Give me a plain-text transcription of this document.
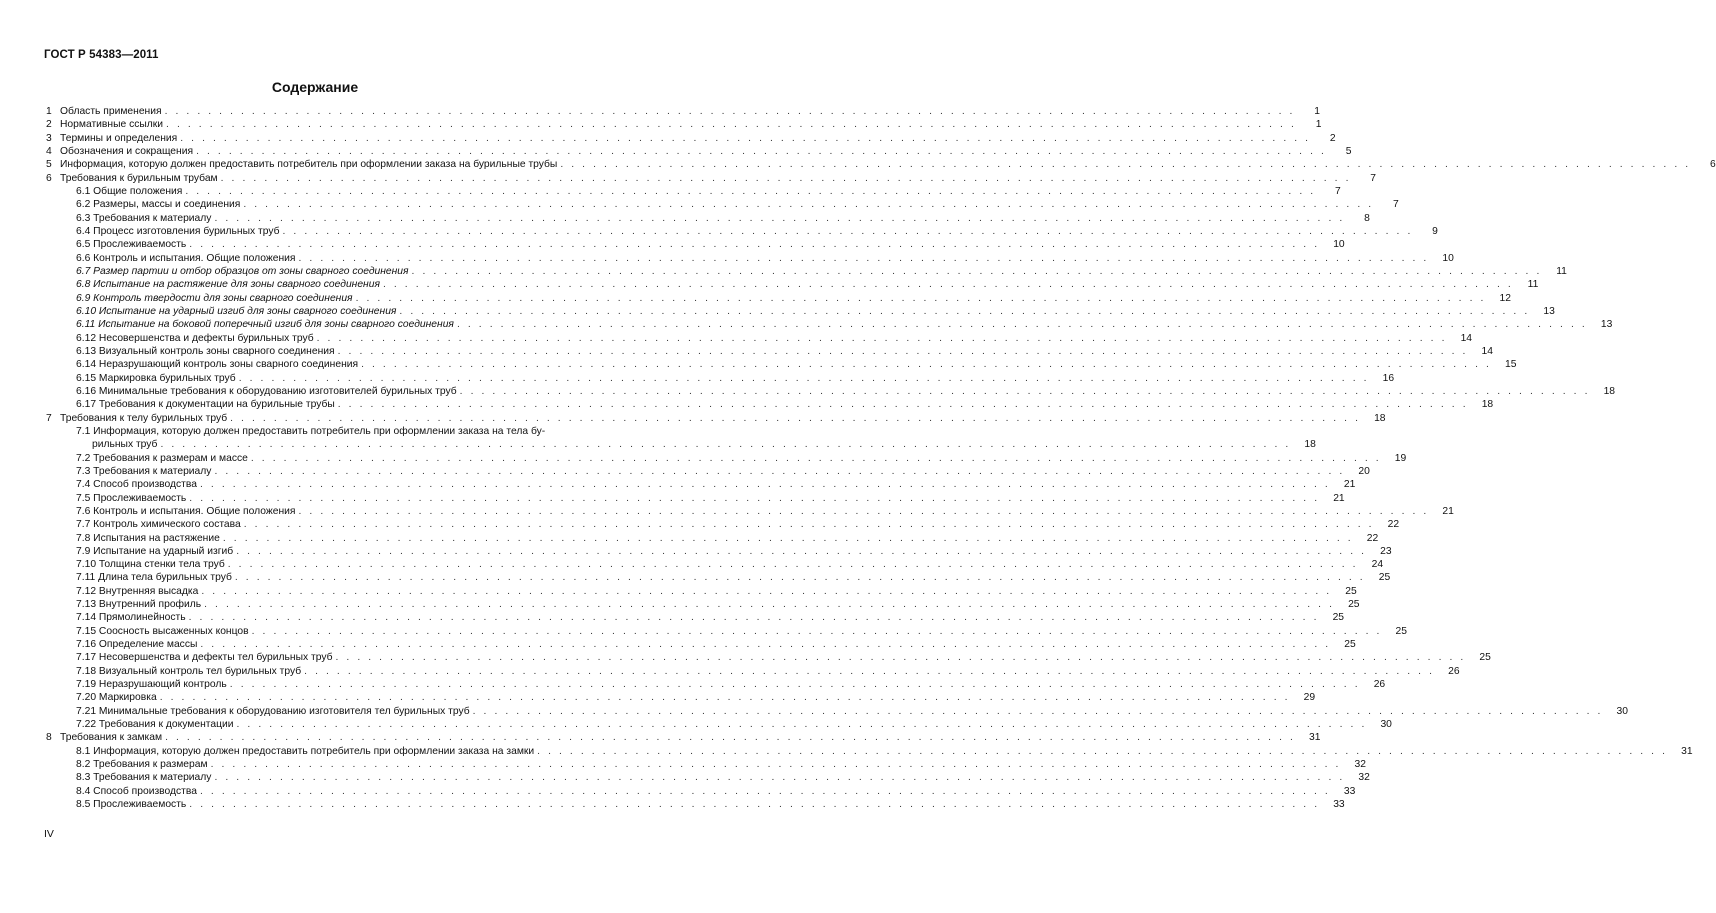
ГОСТ Р 54383—2011
Содержание
1 Область применения . . .	1
2 Нормативные ссылки . . .	1
3 Термины и определения . . .	2
4 Обозначения и сокращения . . .	5
5 Информация, которую должен предоставить потребитель при оформлении заказа на бурильные трубы . . .	6
6 Требования к бурильным трубам . . .	7
6.1 Общие положения . . .	7
6.2 Размеры, массы и соединения . . .	7
6.3 Требования к материалу . . .	8
6.4 Процесс изготовления бурильных труб . . .	9
6.5 Прослеживаемость . . .	10
6.6 Контроль и испытания. Общие положения . . .	10
6.7 Размер партии и отбор образцов от зоны сварного соединения . . .	11
6.8 Испытание на растяжение для зоны сварного соединения . . .	11
6.9 Контроль твердости для зоны сварного соединения . . .	12
6.10 Испытание на ударный изгиб для зоны сварного соединения . . .	13
6.11 Испытание на боковой поперечный изгиб для зоны сварного соединения . . .	13
6.12 Несовершенства и дефекты бурильных труб . . .	14
6.13 Визуальный контроль зоны сварного соединения . . .	14
6.14 Неразрушающий контроль зоны сварного соединения . . .	15
6.15 Маркировка бурильных труб . . .	16
6.16 Минимальные требования к оборудованию изготовителей бурильных труб . . .	18
6.17 Требования к документации на бурильные трубы . . .	18
7 Требования к телу бурильных труб . . .	18
7.1 Информация, которую должен предоставить потребитель при оформлении заказа на тела бу-
рильных труб . . .	18
7.2 Требования к размерам и массе . . .	19
7.3 Требования к материалу . . .	20
7.4 Способ производства . . .	21
7.5 Прослеживаемость . . .	21
7.6 Контроль и испытания. Общие положения . . .	21
7.7 Контроль химического состава . . .	22
7.8 Испытания на растяжение . . .	22
7.9 Испытание на ударный изгиб . . .	23
7.10 Толщина стенки тела труб . . .	24
7.11 Длина тела бурильных труб . . .	25
7.12 Внутренняя высадка . . .	25
7.13 Внутренний профиль . . .	25
7.14 Прямолинейность . . .	25
7.15 Соосность высаженных концов . . .	25
7.16 Определение массы . . .	25
7.17 Несовершенства и дефекты тел бурильных труб . . .	25
7.18 Визуальный контроль тел бурильных труб . . .	26
7.19 Неразрушающий контроль . . .	26
7.20 Маркировка . . .	29
7.21 Минимальные требования к оборудованию изготовителя тел бурильных труб . . .	30
7.22 Требования к документации . . .	30
8 Требования к замкам . . .	31
8.1 Информация, которую должен предоставить потребитель при оформлении заказа на замки . . .	31
8.2 Требования к размерам . . .	32
8.3 Требования к материалу . . .	32
8.4 Способ производства . . .	33
8.5 Прослеживаемость . . .	33
IV
